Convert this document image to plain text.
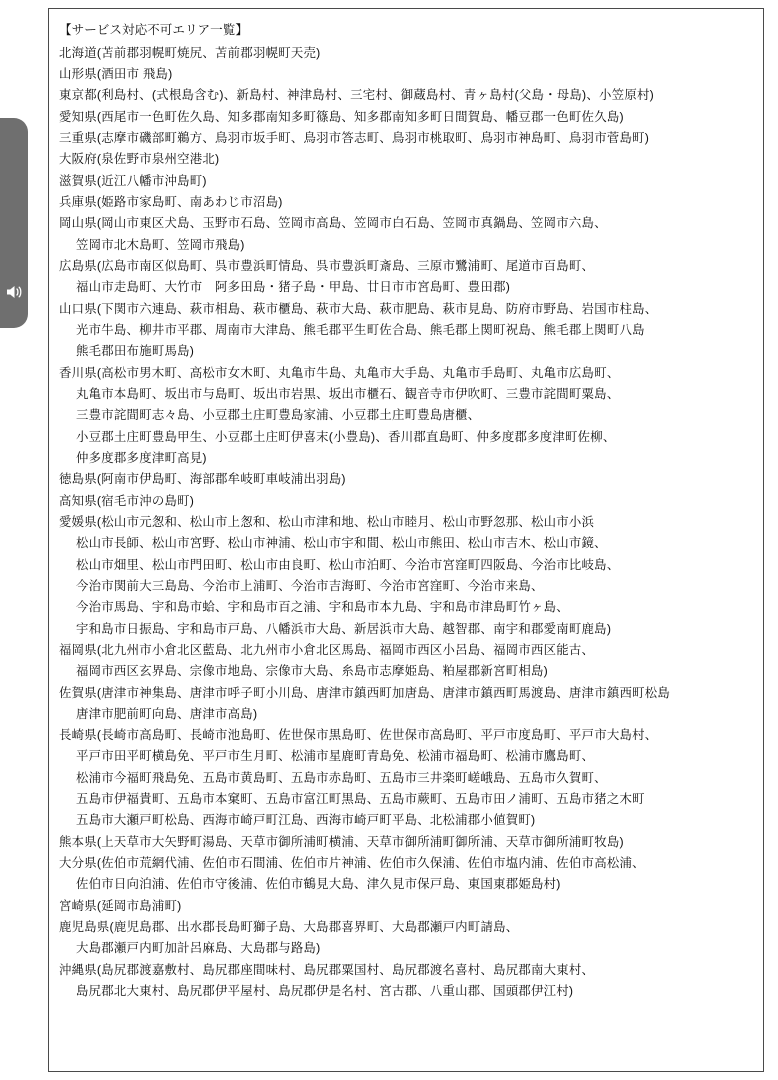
【サービス対応不可エリア一覧】
北海道(苫前郡羽幌町焼尻、苫前郡羽幌町天売)
山形県(酒田市 飛島)
東京都(利島村、(式根島含む)、新島村、神津島村、三宅村、御蔵島村、青ヶ島村(父島・母島)、小笠原村)
愛知県(西尾市一色町佐久島、知多郡南知多町篠島、知多郡南知多町日間賀島、幡豆郡一色町佐久島)
三重県(志摩市磯部町鵜方、鳥羽市坂手町、鳥羽市答志町、鳥羽市桃取町、鳥羽市神島町、鳥羽市菅島町)
大阪府(泉佐野市泉州空港北)
滋賀県(近江八幡市沖島町)
兵庫県(姫路市家島町、南あわじ市沼島)
岡山県(岡山市東区犬島、玉野市石島、笠岡市高島、笠岡市白石島、笠岡市真鍋島、笠岡市六島、
笠岡市北木島町、笠岡市飛島)
広島県(広島市南区似島町、呉市豊浜町情島、呉市豊浜町斎島、三原市鷺浦町、尾道市百島町、
福山市走島町、大竹市　阿多田島・猪子島・甲島、廿日市市宮島町、豊田郡)
山口県(下関市六連島、萩市相島、萩市櫃島、萩市大島、萩市肥島、萩市見島、防府市野島、岩国市柱島、
光市牛島、柳井市平郡、周南市大津島、熊毛郡平生町佐合島、熊毛郡上関町祝島、熊毛郡上関町八島
熊毛郡田布施町馬島)
香川県(高松市男木町、高松市女木町、丸亀市牛島、丸亀市大手島、丸亀市手島町、丸亀市広島町、
丸亀市本島町、坂出市与島町、坂出市岩黒、坂出市櫃石、観音寺市伊吹町、三豊市詫間町粟島、
三豊市詫間町志々島、小豆郡土庄町豊島家浦、小豆郡土庄町豊島唐櫃、
小豆郡土庄町豊島甲生、小豆郡土庄町伊喜末(小豊島)、香川郡直島町、仲多度郡多度津町佐柳、
仲多度郡多度津町高見)
徳島県(阿南市伊島町、海部郡牟岐町車岐浦出羽島)
高知県(宿毛市沖の島町)
愛媛県(松山市元怱和、松山市上怱和、松山市津和地、松山市睦月、松山市野忽那、松山市小浜
松山市長師、松山市宮野、松山市神浦、松山市宇和間、松山市熊田、松山市吉木、松山市鏡、
松山市畑里、松山市門田町、松山市由良町、松山市泊町、今治市宮窪町四阪島、今治市比岐島、
今治市関前大三島島、今治市上浦町、今治市吉海町、今治市宮窪町、今治市来島、
今治市馬島、宇和島市蛤、宇和島市百之浦、宇和島市本九島、宇和島市津島町竹ヶ島、
宇和島市日振島、宇和島市戸島、八幡浜市大島、新居浜市大島、越智郡、南宇和郡愛南町鹿島)
福岡県(北九州市小倉北区藍島、北九州市小倉北区馬島、福岡市西区小呂島、福岡市西区能古、
福岡市西区玄界島、宗像市地島、宗像市大島、糸島市志摩姫島、粕屋郡新宮町相島)
佐賀県(唐津市神集島、唐津市呼子町小川島、唐津市鎮西町加唐島、唐津市鎮西町馬渡島、唐津市鎮西町松島
唐津市肥前町向島、唐津市高島)
長崎県(長崎市高島町、長崎市池島町、佐世保市黒島町、佐世保市高島町、平戸市度島町、平戸市大島村、
平戸市田平町横島免、平戸市生月町、松浦市星鹿町青島免、松浦市福島町、松浦市鷹島町、
松浦市今福町飛島免、五島市黄島町、五島市赤島町、五島市三井楽町嵯峨島、五島市久賀町、
五島市伊福貴町、五島市本窠町、五島市富江町黒島、五島市蕨町、五島市田ノ浦町、五島市猪之木町
五島市大瀬戸町松島、西海市崎戸町江島、西海市崎戸町平島、北松浦郡小値賀町)
熊本県(上天草市大矢野町湯島、天草市御所浦町横浦、天草市御所浦町御所浦、天草市御所浦町牧島)
大分県(佐伯市荒網代浦、佐伯市石間浦、佐伯市片神浦、佐伯市久保浦、佐伯市塩内浦、佐伯市高松浦、
佐伯市日向泊浦、佐伯市守後浦、佐伯市鶴見大島、津久見市保戸島、東国東郡姫島村)
宮崎県(延岡市島浦町)
鹿児島県(鹿児島郡、出水郡長島町獅子島、大島郡喜界町、大島郡瀬戸内町請島、
大島郡瀬戸内町加計呂麻島、大島郡与路島)
沖縄県(島尻郡渡嘉敷村、島尻郡座間味村、島尻郡粟国村、島尻郡渡名喜村、島尻郡南大東村、
島尻郡北大東村、島尻郡伊平屋村、島尻郡伊是名村、宮古郡、八重山郡、国頭郡伊江村)
